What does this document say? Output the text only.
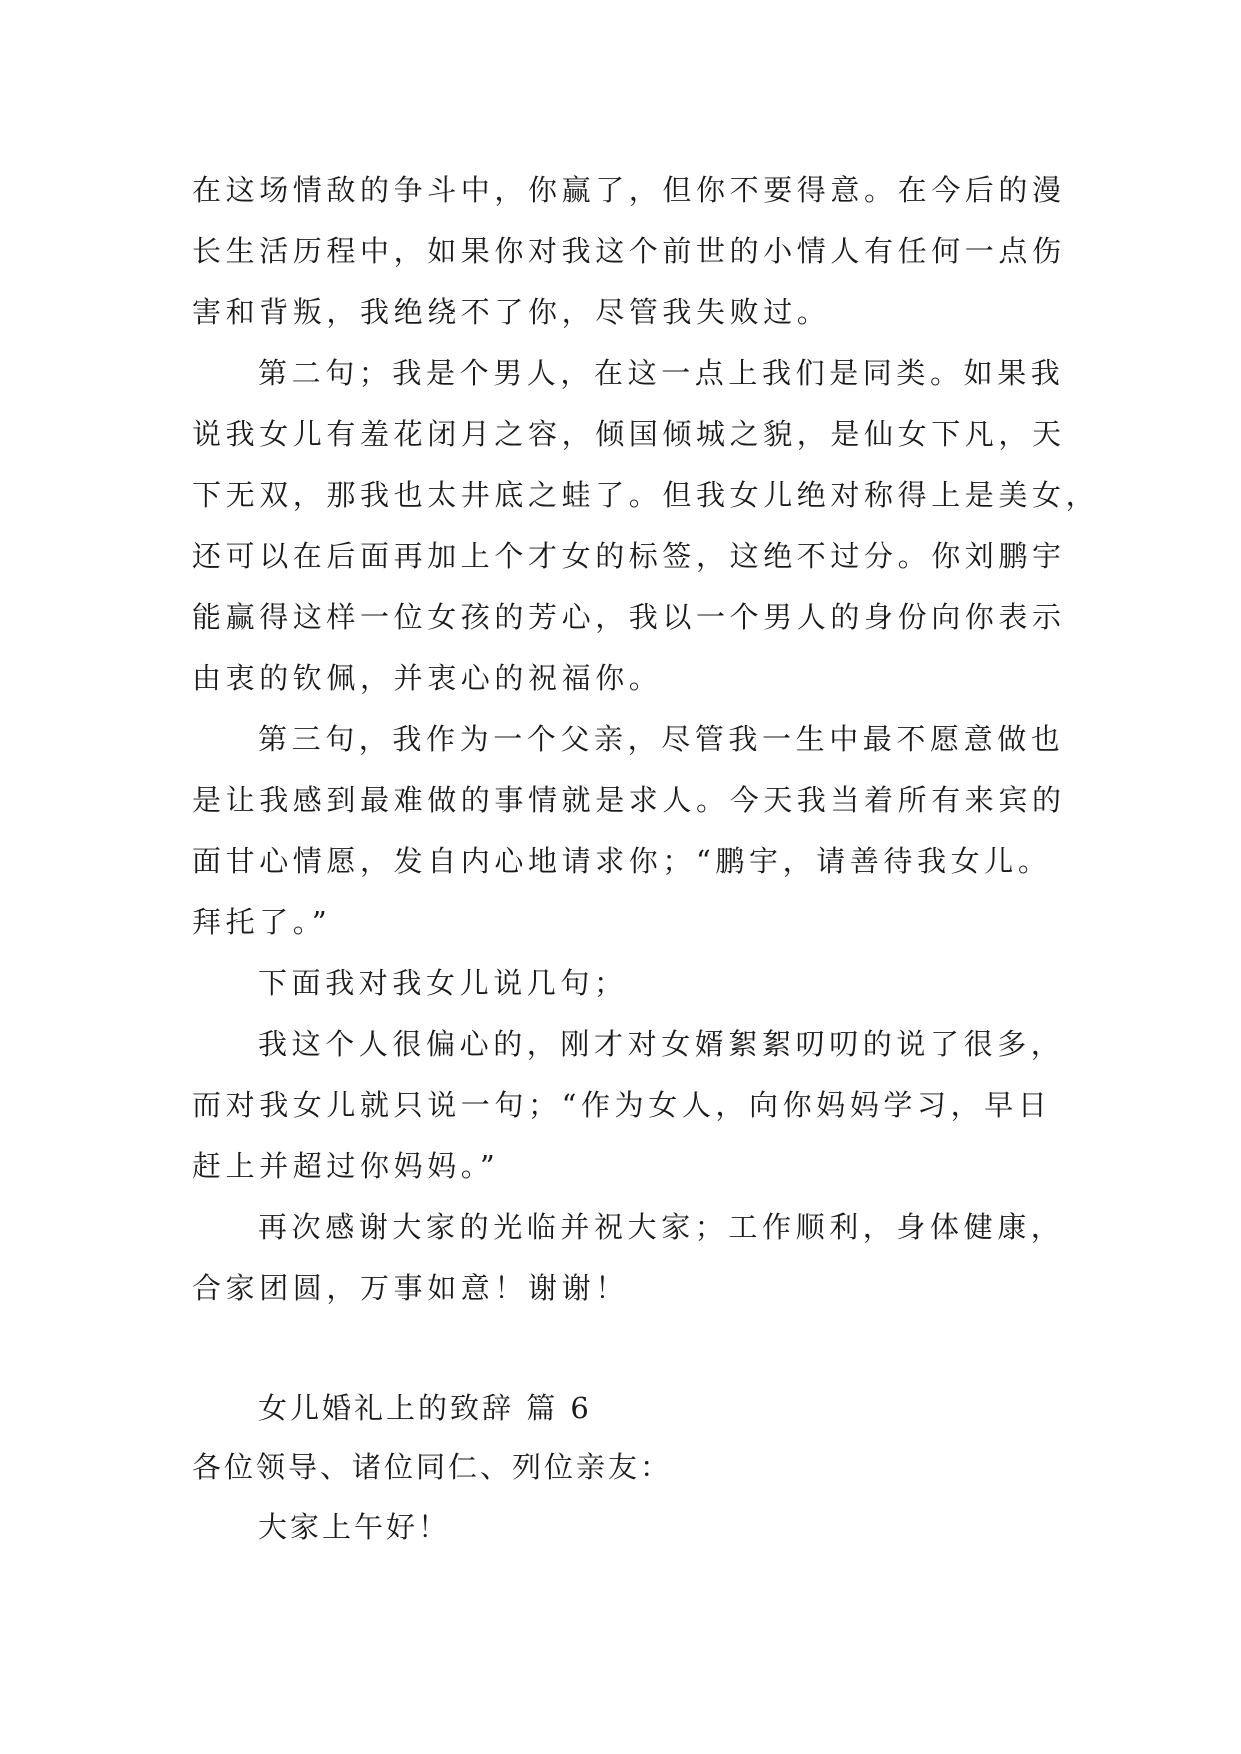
在这场情敌的争斗中，你赢了，但你不要得意。在今后的漫
长生活历程中，如果你对我这个前世的小情人有任何一点伤
害和背叛，我绝绕不了你，尽管我失败过。
第二句；我是个男人，在这一点上我们是同类。如果我
说我女儿有羞花闭月之容，倾国倾城之貌，是仙女下凡，天
下无双，那我也太井底之蛙了。但我女儿绝对称得上是美女，
还可以在后面再加上个才女的标签，这绝不过分。你刘鹏宇
能赢得这样一位女孩的芳心，我以一个男人的身份向你表示
由衷的钦佩，并衷心的祝福你。
第三句，我作为一个父亲，尽管我一生中最不愿意做也
是让我感到最难做的事情就是求人。今天我当着所有来宾的
面甘心情愿，发自内心地请求你；“鹏宇，请善待我女儿。
拜托了。”
下面我对我女儿说几句；
我这个人很偏心的，刚才对女婿絮絮叨叨的说了很多，
而对我女儿就只说一句；“作为女人，向你妈妈学习，早日
赶上并超过你妈妈。”
再次感谢大家的光临并祝大家；工作顺利，身体健康，
合家团圆，万事如意！谢谢！
女儿婚礼上的致辞 篇 6
各位领导、诸位同仁、列位亲友：
大家上午好！
